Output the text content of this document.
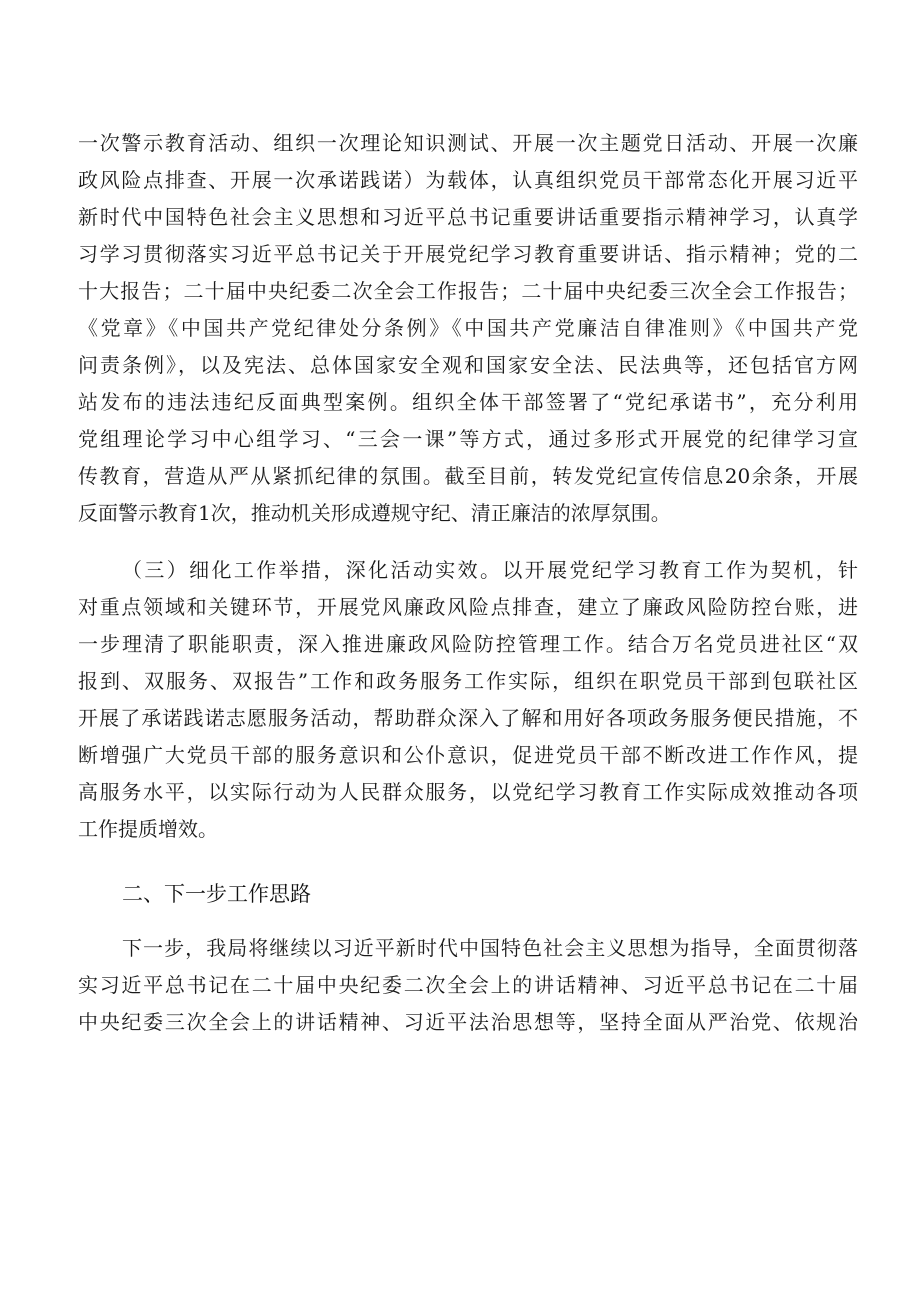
一次警示教育活动、组织一次理论知识测试、开展一次主题党日活动、开展一次廉
政风险点排查、开展一次承诺践诺）为载体，认真组织党员干部常态化开展习近平
新时代中国特色社会主义思想和习近平总书记重要讲话重要指示精神学习，认真学
习学习贯彻落实习近平总书记关于开展党纪学习教育重要讲话、指示精神；党的二
十大报告；二十届中央纪委二次全会工作报告；二十届中央纪委三次全会工作报告；
《党章》《中国共产党纪律处分条例》《中国共产党廉洁自律准则》《中国共产党
问责条例》，以及宪法、总体国家安全观和国家安全法、民法典等，还包括官方网
站发布的违法违纪反面典型案例。组织全体干部签署了“党纪承诺书”，充分利用
党组理论学习中心组学习、“三会一课”等方式，通过多形式开展党的纪律学习宣
传教育，营造从严从紧抓纪律的氛围。截至目前，转发党纪宣传信息20余条，开展
反面警示教育1次，推动机关形成遵规守纪、清正廉洁的浓厚氛围。
（三）细化工作举措，深化活动实效。以开展党纪学习教育工作为契机，针
对重点领域和关键环节，开展党风廉政风险点排查，建立了廉政风险防控台账，进
一步理清了职能职责，深入推进廉政风险防控管理工作。结合万名党员进社区“双
报到、双服务、双报告”工作和政务服务工作实际，组织在职党员干部到包联社区
开展了承诺践诺志愿服务活动，帮助群众深入了解和用好各项政务服务便民措施，不
断增强广大党员干部的服务意识和公仆意识，促进党员干部不断改进工作作风，提
高服务水平，以实际行动为人民群众服务，以党纪学习教育工作实际成效推动各项
工作提质增效。
二、下一步工作思路
下一步，我局将继续以习近平新时代中国特色社会主义思想为指导，全面贯彻落
实习近平总书记在二十届中央纪委二次全会上的讲话精神、习近平总书记在二十届
中央纪委三次全会上的讲话精神、习近平法治思想等，坚持全面从严治党、依规治
